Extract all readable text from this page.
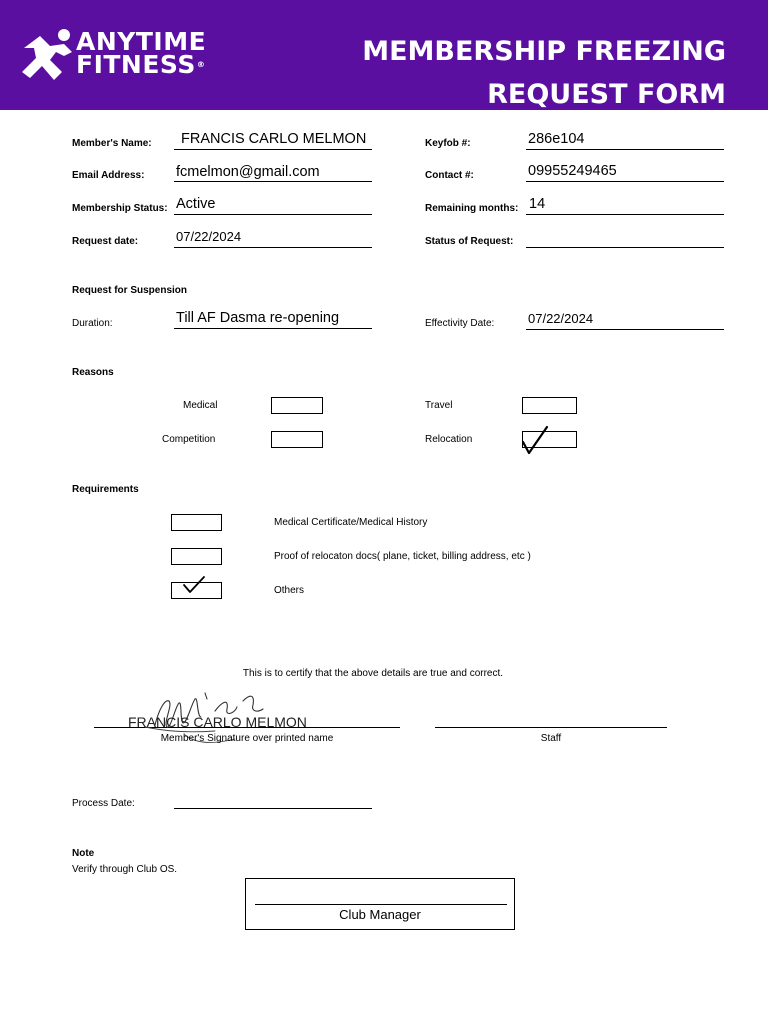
ANYTIME
FITNESS®	MEMBERSHIP FREEZING
REQUEST FORM
Member's Name: FRANCIS CARLO MELMON
Email Address: fcmelmon@gmail.com
Membership Status: Active
Request date:	07/22/2024
Keyfob #:	286e104
Contact #:	09955249465
Remaining months: 14
Status of Request:
Request for Suspension
Duration:	Till AF Dasma re-opening	Effectivity Date:	07/22/2024
Reasons
Medical	Travel
Competition	Relocation
Requirements
Medical Certificate/Medical History
Proof of relocaton docs( plane, ticket, billing address, etc )
Others
This is to certify that the above details are true and correct.
FRANCIS CARLO MELMON
Member's Signature over printed name	Staff
Process Date:
Note
Verify through Club OS.
Club Manager
